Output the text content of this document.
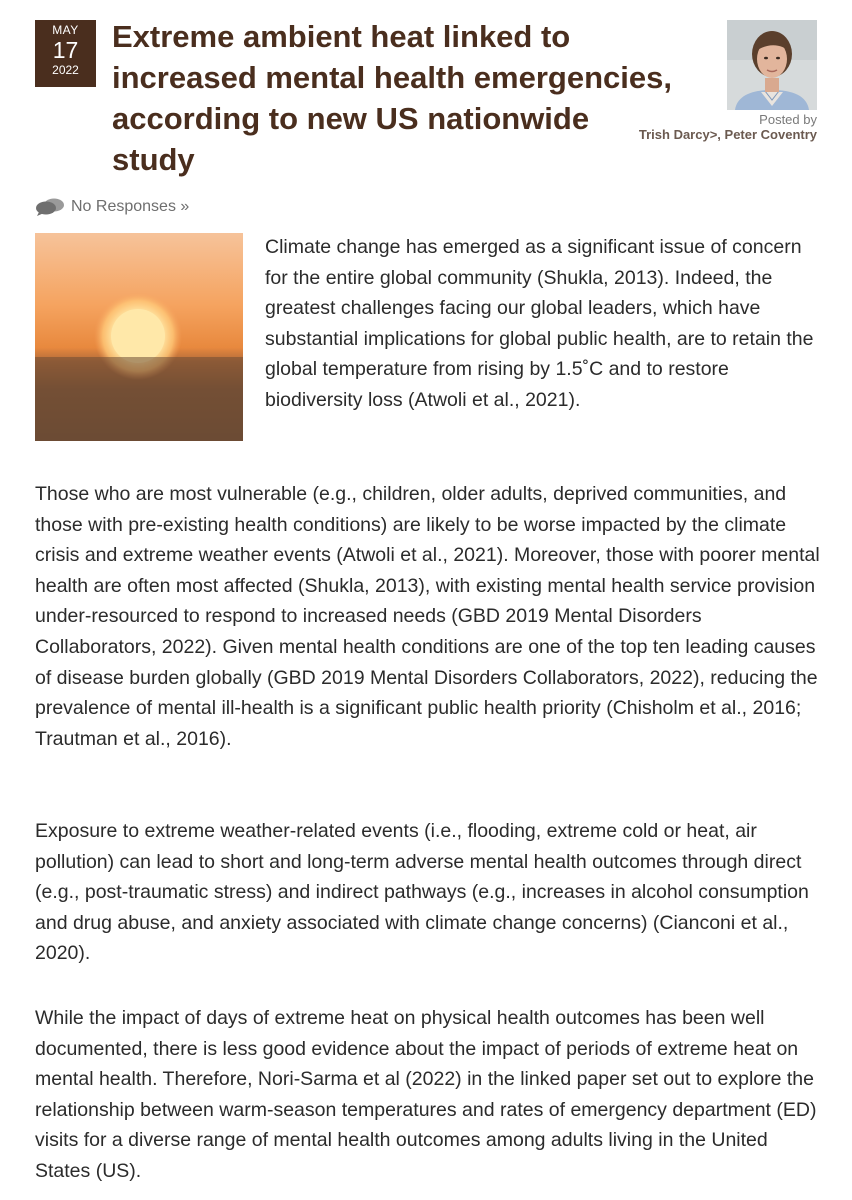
MAY
17
2022
Extreme ambient heat linked to increased mental health emergencies, according to new US nationwide study
Posted by
Trish Darcy>, Peter Coventry
No Responses »

Climate change has emerged as a significant issue of concern for the entire global community (Shukla, 2013). Indeed, the greatest challenges facing our global leaders, which have substantial implications for global public health, are to retain the global temperature from rising by 1.5˚C and to restore biodiversity loss (Atwoli et al., 2021).

Those who are most vulnerable (e.g., children, older adults, deprived communities, and those with pre-existing health conditions) are likely to be worse impacted by the climate crisis and extreme weather events (Atwoli et al., 2021). Moreover, those with poorer mental health are often most affected (Shukla, 2013), with existing mental health service provision under-resourced to respond to increased needs (GBD 2019 Mental Disorders Collaborators, 2022). Given mental health conditions are one of the top ten leading causes of disease burden globally (GBD 2019 Mental Disorders Collaborators, 2022), reducing the prevalence of mental ill-health is a significant public health priority (Chisholm et al., 2016; Trautman et al., 2016).

Exposure to extreme weather-related events (i.e., flooding, extreme cold or heat, air pollution) can lead to short and long-term adverse mental health outcomes through direct (e.g., post-traumatic stress) and indirect pathways (e.g., increases in alcohol consumption and drug abuse, and anxiety associated with climate change concerns) (Cianconi et al., 2020).

While the impact of days of extreme heat on physical health outcomes has been well documented, there is less good evidence about the impact of periods of extreme heat on mental health. Therefore, Nori-Sarma et al (2022) in the linked paper set out to explore the relationship between warm-season temperatures and rates of emergency department (ED) visits for a diverse range of mental health outcomes among adults living in the United States (US).
